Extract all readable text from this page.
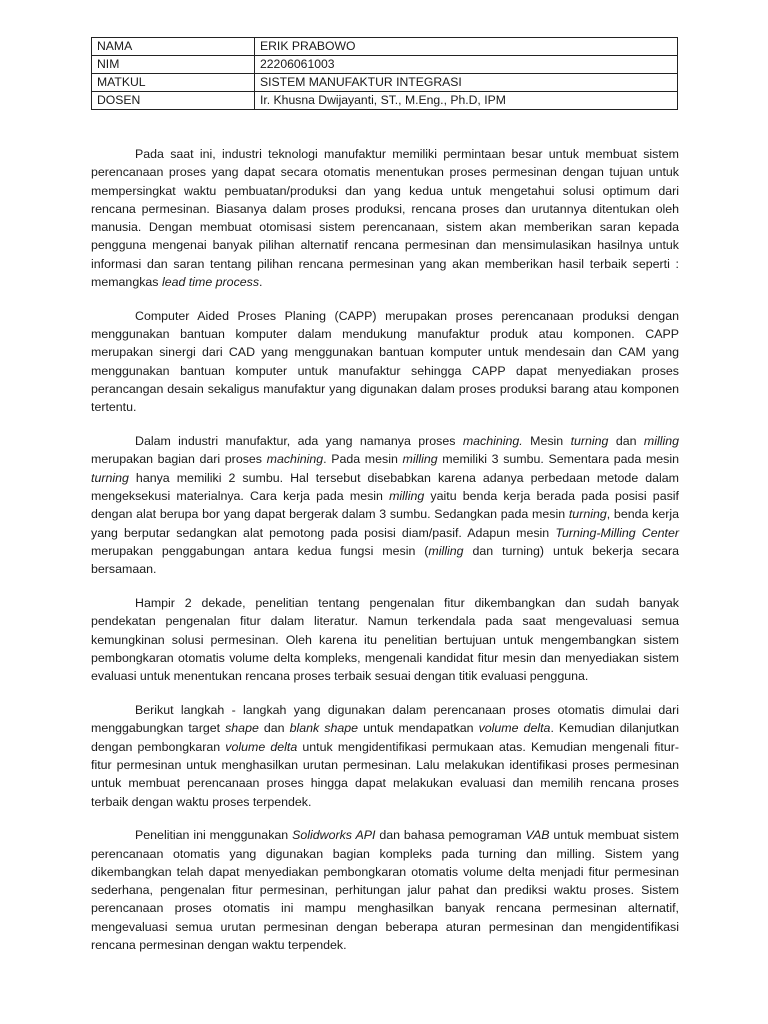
NAMA	ERIK PRABOWO
NIM	22206061003
MATKUL	SISTEM MANUFAKTUR INTEGRASI
DOSEN	Ir. Khusna Dwijayanti, ST., M.Eng., Ph.D, IPM

Pada saat ini, industri teknologi manufaktur memiliki permintaan besar untuk membuat sistem perencanaan proses yang dapat secara otomatis menentukan proses permesinan dengan tujuan untuk mempersingkat waktu pembuatan/produksi dan yang kedua untuk mengetahui solusi optimum dari rencana permesinan. Biasanya dalam proses produksi, rencana proses dan urutannya ditentukan oleh manusia. Dengan membuat otomisasi sistem perencanaan, sistem akan memberikan saran kepada pengguna mengenai banyak pilihan alternatif rencana permesinan dan mensimulasikan hasilnya untuk informasi dan saran tentang pilihan rencana permesinan yang akan memberikan hasil terbaik seperti : memangkas lead time process.

Computer Aided Proses Planing (CAPP) merupakan proses perencanaan produksi dengan menggunakan bantuan komputer dalam mendukung manufaktur produk atau komponen. CAPP merupakan sinergi dari CAD yang menggunakan bantuan komputer untuk mendesain dan CAM yang menggunakan bantuan komputer untuk manufaktur sehingga CAPP dapat menyediakan proses perancangan desain sekaligus manufaktur yang digunakan dalam proses produksi barang atau komponen tertentu.

Dalam industri manufaktur, ada yang namanya proses machining. Mesin turning dan milling merupakan bagian dari proses machining. Pada mesin milling memiliki 3 sumbu. Sementara pada mesin turning hanya memiliki 2 sumbu. Hal tersebut disebabkan karena adanya perbedaan metode dalam mengeksekusi materialnya. Cara kerja pada mesin milling yaitu benda kerja berada pada posisi pasif dengan alat berupa bor yang dapat bergerak dalam 3 sumbu. Sedangkan pada mesin turning, benda kerja yang berputar sedangkan alat pemotong pada posisi diam/pasif. Adapun mesin Turning-Milling Center merupakan penggabungan antara kedua fungsi mesin (milling dan turning) untuk bekerja secara bersamaan.

Hampir 2 dekade, penelitian tentang pengenalan fitur dikembangkan dan sudah banyak pendekatan pengenalan fitur dalam literatur. Namun terkendala pada saat mengevaluasi semua kemungkinan solusi permesinan. Oleh karena itu penelitian bertujuan untuk mengembangkan sistem pembongkaran otomatis volume delta kompleks, mengenali kandidat fitur mesin dan menyediakan sistem evaluasi untuk menentukan rencana proses terbaik sesuai dengan titik evaluasi pengguna.

Berikut langkah - langkah yang digunakan dalam perencanaan proses otomatis dimulai dari menggabungkan target shape dan blank shape untuk mendapatkan volume delta. Kemudian dilanjutkan dengan pembongkaran volume delta untuk mengidentifikasi permukaan atas. Kemudian mengenali fitur-fitur permesinan untuk menghasilkan urutan permesinan. Lalu melakukan identifikasi proses permesinan untuk membuat perencanaan proses hingga dapat melakukan evaluasi dan memilih rencana proses terbaik dengan waktu proses terpendek.

Penelitian ini menggunakan Solidworks API dan bahasa pemograman VAB untuk membuat sistem perencanaan otomatis yang digunakan bagian kompleks pada turning dan milling. Sistem yang dikembangkan telah dapat menyediakan pembongkaran otomatis volume delta menjadi fitur permesinan sederhana, pengenalan fitur permesinan, perhitungan jalur pahat dan prediksi waktu proses. Sistem perencanaan proses otomatis ini mampu menghasilkan banyak rencana permesinan alternatif, mengevaluasi semua urutan permesinan dengan beberapa aturan permesinan dan mengidentifikasi rencana permesinan dengan waktu terpendek.
